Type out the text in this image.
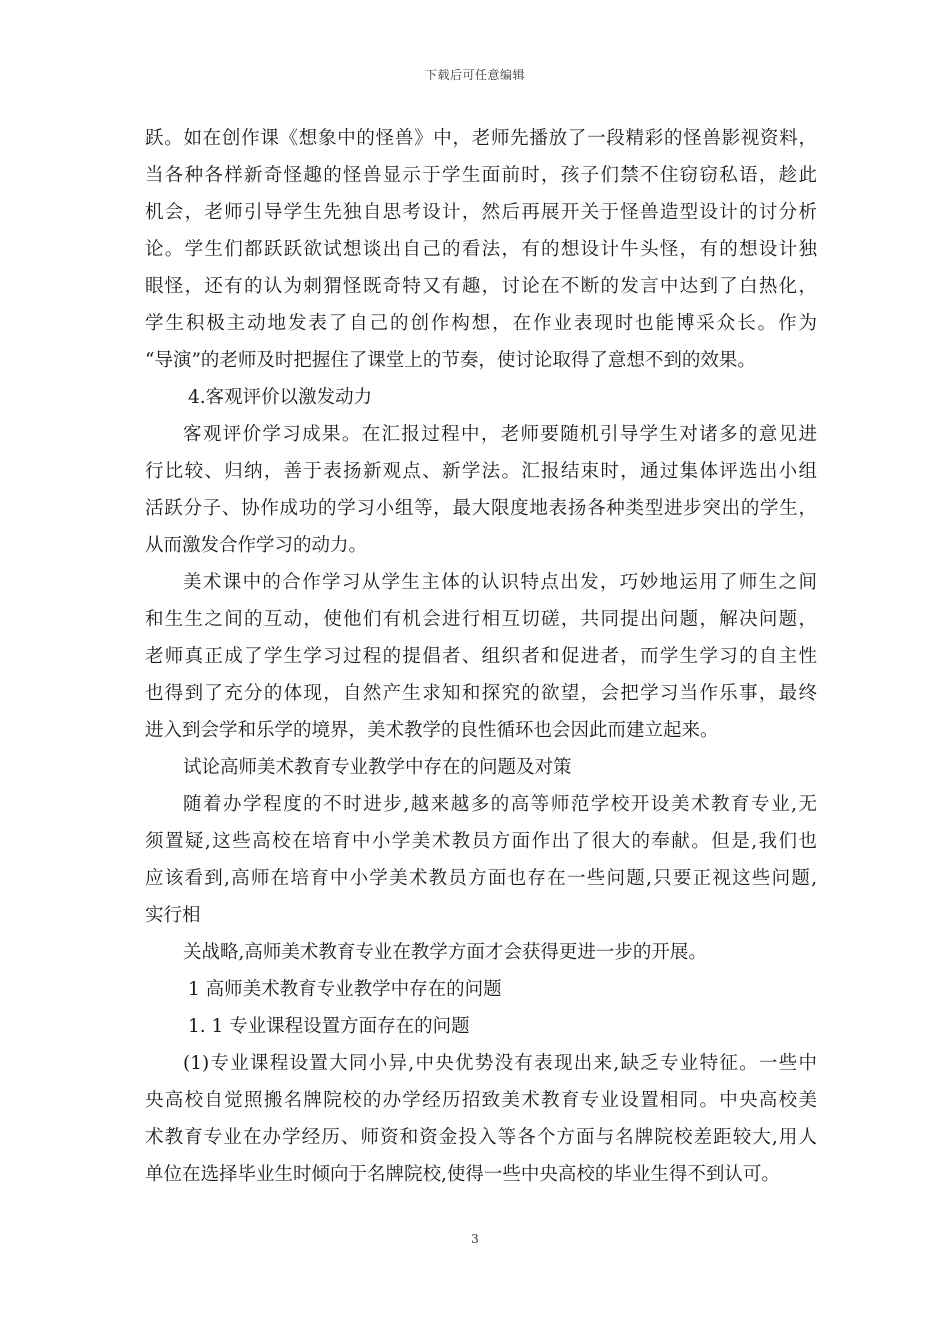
下载后可任意编辑
跃。如在创作课《想象中的怪兽》中，老师先播放了一段精彩的怪兽影视资料，
当各种各样新奇怪趣的怪兽显示于学生面前时，孩子们禁不住窃窃私语，趁此
机会，老师引导学生先独自思考设计，然后再展开关于怪兽造型设计的讨分析
论。学生们都跃跃欲试想谈出自己的看法，有的想设计牛头怪，有的想设计独
眼怪，还有的认为刺猬怪既奇特又有趣，讨论在不断的发言中达到了白热化，
学生积极主动地发表了自己的创作构想，在作业表现时也能博采众长。作为
“导演”的老师及时把握住了课堂上的节奏，使讨论取得了意想不到的效果。
4.客观评价以激发动力
客观评价学习成果。在汇报过程中，老师要随机引导学生对诸多的意见进
行比较、归纳，善于表扬新观点、新学法。汇报结束时，通过集体评选出小组
活跃分子、协作成功的学习小组等，最大限度地表扬各种类型进步突出的学生，
从而激发合作学习的动力。
美术课中的合作学习从学生主体的认识特点出发，巧妙地运用了师生之间
和生生之间的互动，使他们有机会进行相互切磋，共同提出问题，解决问题，
老师真正成了学生学习过程的提倡者、组织者和促进者，而学生学习的自主性
也得到了充分的体现，自然产生求知和探究的欲望，会把学习当作乐事，最终
进入到会学和乐学的境界，美术教学的良性循环也会因此而建立起来。
试论高师美术教育专业教学中存在的问题及对策
随着办学程度的不时进步,越来越多的高等师范学校开设美术教育专业,无
须置疑,这些高校在培育中小学美术教员方面作出了很大的奉献。但是,我们也
应该看到,高师在培育中小学美术教员方面也存在一些问题,只要正视这些问题,
实行相
关战略,高师美术教育专业在教学方面才会获得更进一步的开展。
1 高师美术教育专业教学中存在的问题
1. 1 专业课程设置方面存在的问题
(1)专业课程设置大同小异,中央优势没有表现出来,缺乏专业特征。一些中
央高校自觉照搬名牌院校的办学经历招致美术教育专业设置相同。中央高校美
术教育专业在办学经历、师资和资金投入等各个方面与名牌院校差距较大,用人
单位在选择毕业生时倾向于名牌院校,使得一些中央高校的毕业生得不到认可。
3
